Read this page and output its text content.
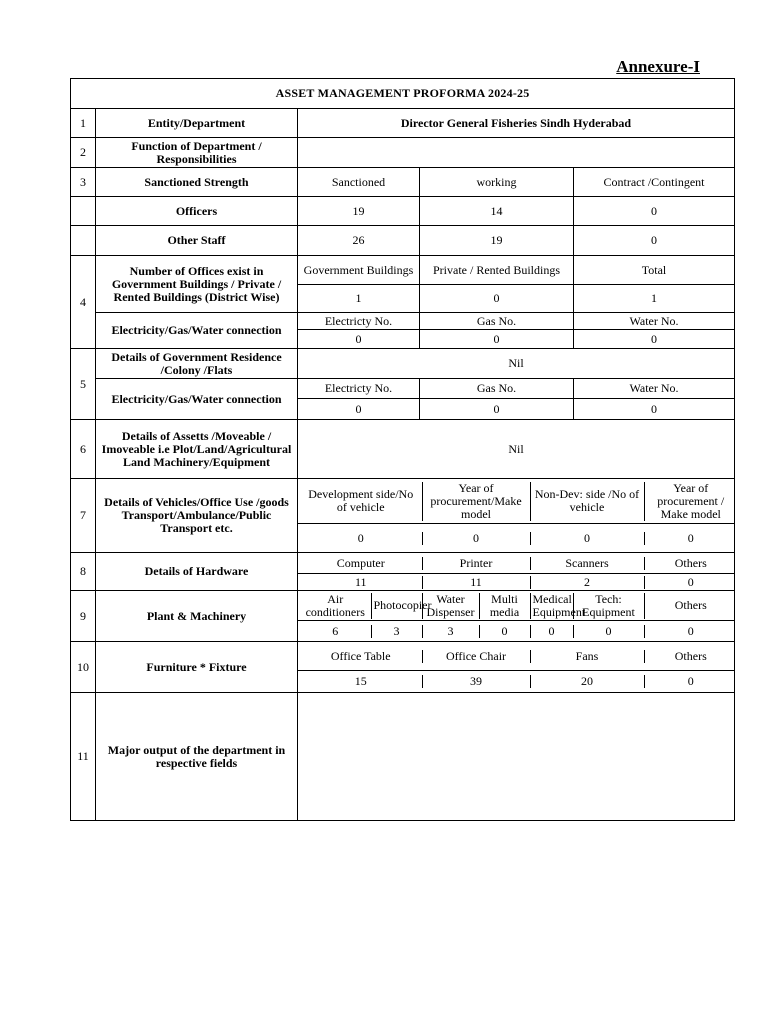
Annexure-I
ASSET MANAGEMENT PROFORMA 2024-25
1	Entity/Department	Director General Fisheries Sindh Hyderabad
2	Function of Department / Responsibilities	
3	Sanctioned Strength	Sanctioned	working	Contract /Contingent
	Officers	19	14	0
	Other Staff	26	19	0
4	Number of Offices exist in Government Buildings / Private / Rented Buildings (District Wise)	Government Buildings	Private / Rented Buildings	Total
1	0	1
Electricity/Gas/Water connection	Electricty No.	Gas No.	Water No.
0	0	0
5	Details of Government Residence /Colony /Flats	Nil
Electricity/Gas/Water connection	Electricty No.	Gas No.	Water No.
0	0	0
6	Details of Assetts /Moveable / Imoveable i.e Plot/Land/Agricultural Land Machinery/Equipment	Nil
7	Details of Vehicles/Office Use /goods Transport/Ambulance/Public Transport etc.	
Development side/No of vehicle	Year of procurement/Make model	Non-Dev: side /No of vehicle	Year of procurement / Make model

0	0	0	0

8	Details of Hardware	
Computer	Printer	Scanners	Others

11	11	2	0

9	Plant & Machinery	
Air conditioners	Photocopier	Water Dispenser	Multi media	Medical Equipment	Tech: Equipment	Others

6	3	3	0	0	0	0

10	Furniture * Fixture	
Office Table	Office Chair	Fans	Others

15	39	20	0

11	Major output of the department in respective fields	
